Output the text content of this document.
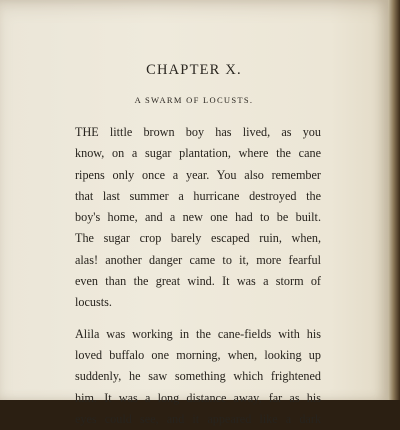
CHAPTER X.
A SWARM OF LOCUSTS.

THE little brown boy has lived, as you
know, on a sugar plantation, where the cane
ripens only once a year. You also remember
that last summer a hurricane destroyed the
boy's home, and a new one had to be built.
The sugar crop barely escaped ruin, when,
alas! another danger came to it, more fearful
even than the great wind. It was a storm of
locusts.

Alila was working in the cane-fields with his
loved buffalo one morning, when, looking up
suddenly, he saw something which frightened
him. It was a long distance away, far as his
eyes could see, and it appeared like a dark
